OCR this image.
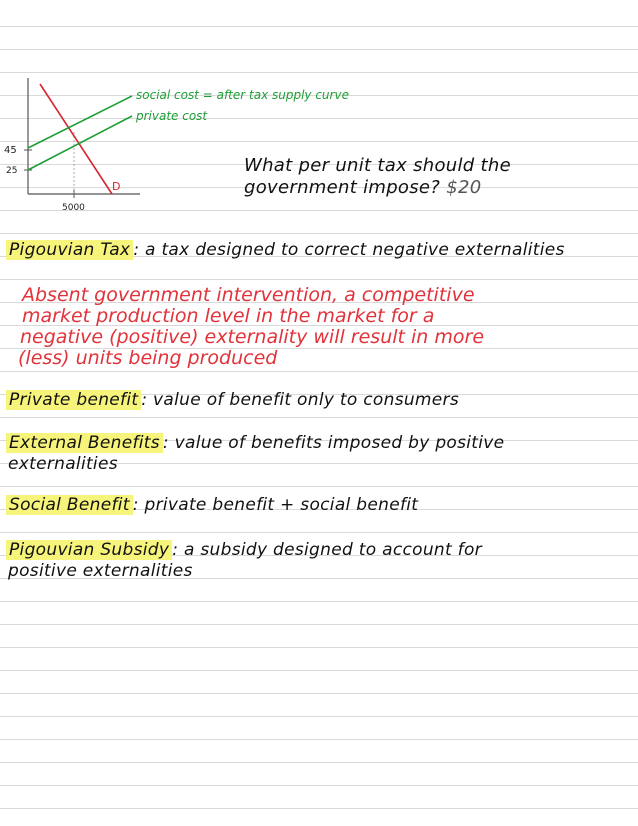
45
25
5000
D
social cost = after tax supply curve
private cost
What per unit tax should the
government impose? $20
Pigouvian Tax : a tax designed to correct negative externalities
Absent government intervention, a competitive
market production level in the market for a
negative (positive) externality will result in more
(less) units being produced
Private benefit : value of benefit only to consumers
External Benefits : value of benefits imposed by positive
externalities
Social Benefit : private benefit + social benefit
Pigouvian Subsidy : a subsidy designed to account for
positive externalities
